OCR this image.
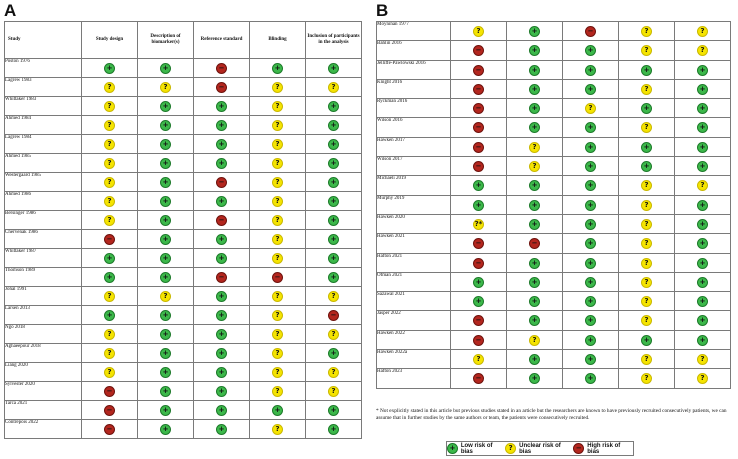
A	B
Study	Study design	Description of biomarker(s)	Reference standard	Blinding	Inclusion of participants in the analysis
Poston 1976	+	+	−	+	+
Lagrew 1983	?	?	−	?	?
Whittaker 1983	?	+	+	?	+
Ahmed 1984	?	+	+	?	+
Lagrew 1984	?	+	+	?	+
Ahmed 1985	?	+	+	?	+
Westergaard 1985	?	+	−	?	+
Ahmed 1986	?	+	+	?	+
Bersinger 1986	?	+	−	?	+
Chervenak 1986	−	+	+	?	+
Whittaker 1987	+	+	+	?	+
Thomson 1989	+	+	−	−	+
Johal 1991	?	?	+	?	?
Larsen 2013	+	+	+	?	−
Ngo 2018	?	+	+	?	?
Aghaeepour 2018	?	+	+	?	+
Liang 2020	?	+	+	?	?
Sylvester 2020	−	+	+	?	?
Tarca 2021	−	+	+	+	+
Contrepois 2022	−	+	+	?	+
Moynihan 1977	?	+	−	?	?
Bahlin 2016	−	+	+	?	?
Jelliffe-Pawlowski 2016	−	+	+	+	+
Knight 2016	−	+	+	?	+
Ryckman 2016	−	+	?	+	+
Wilson 2016	−	+	+	?	+
Hawken 2017	−	?	+	+	+
Wilson 2017	−	?	+	+	+
Michaeli 2019	+	+	+	?	?
Murphy 2019	+	+	+	?	+
Hawken 2020	?*	+	+	?	+
Hawken 2021	−	−	+	?	+
Hafton 2021	−	+	+	?	+
Ofman 2021	+	+	+	?	+
Sazawal 2021	+	+	+	?	+
Jasper 2022	−	+	+	?	+
Hawken 2022	−	?	+	+	+
Hawken 2022a	?	+	+	?	?
Hafton 2023	−	+	+	?	?
* Not explicitly stated in this article but previous studies stated in an article but the researchers are known to have previously recruited consecutively patients, we can assume that in further studies by the same authors or team, the patients were consecutively recruited.
+ Low risk of bias	?	Unclear risk of bias	− High risk of bias
